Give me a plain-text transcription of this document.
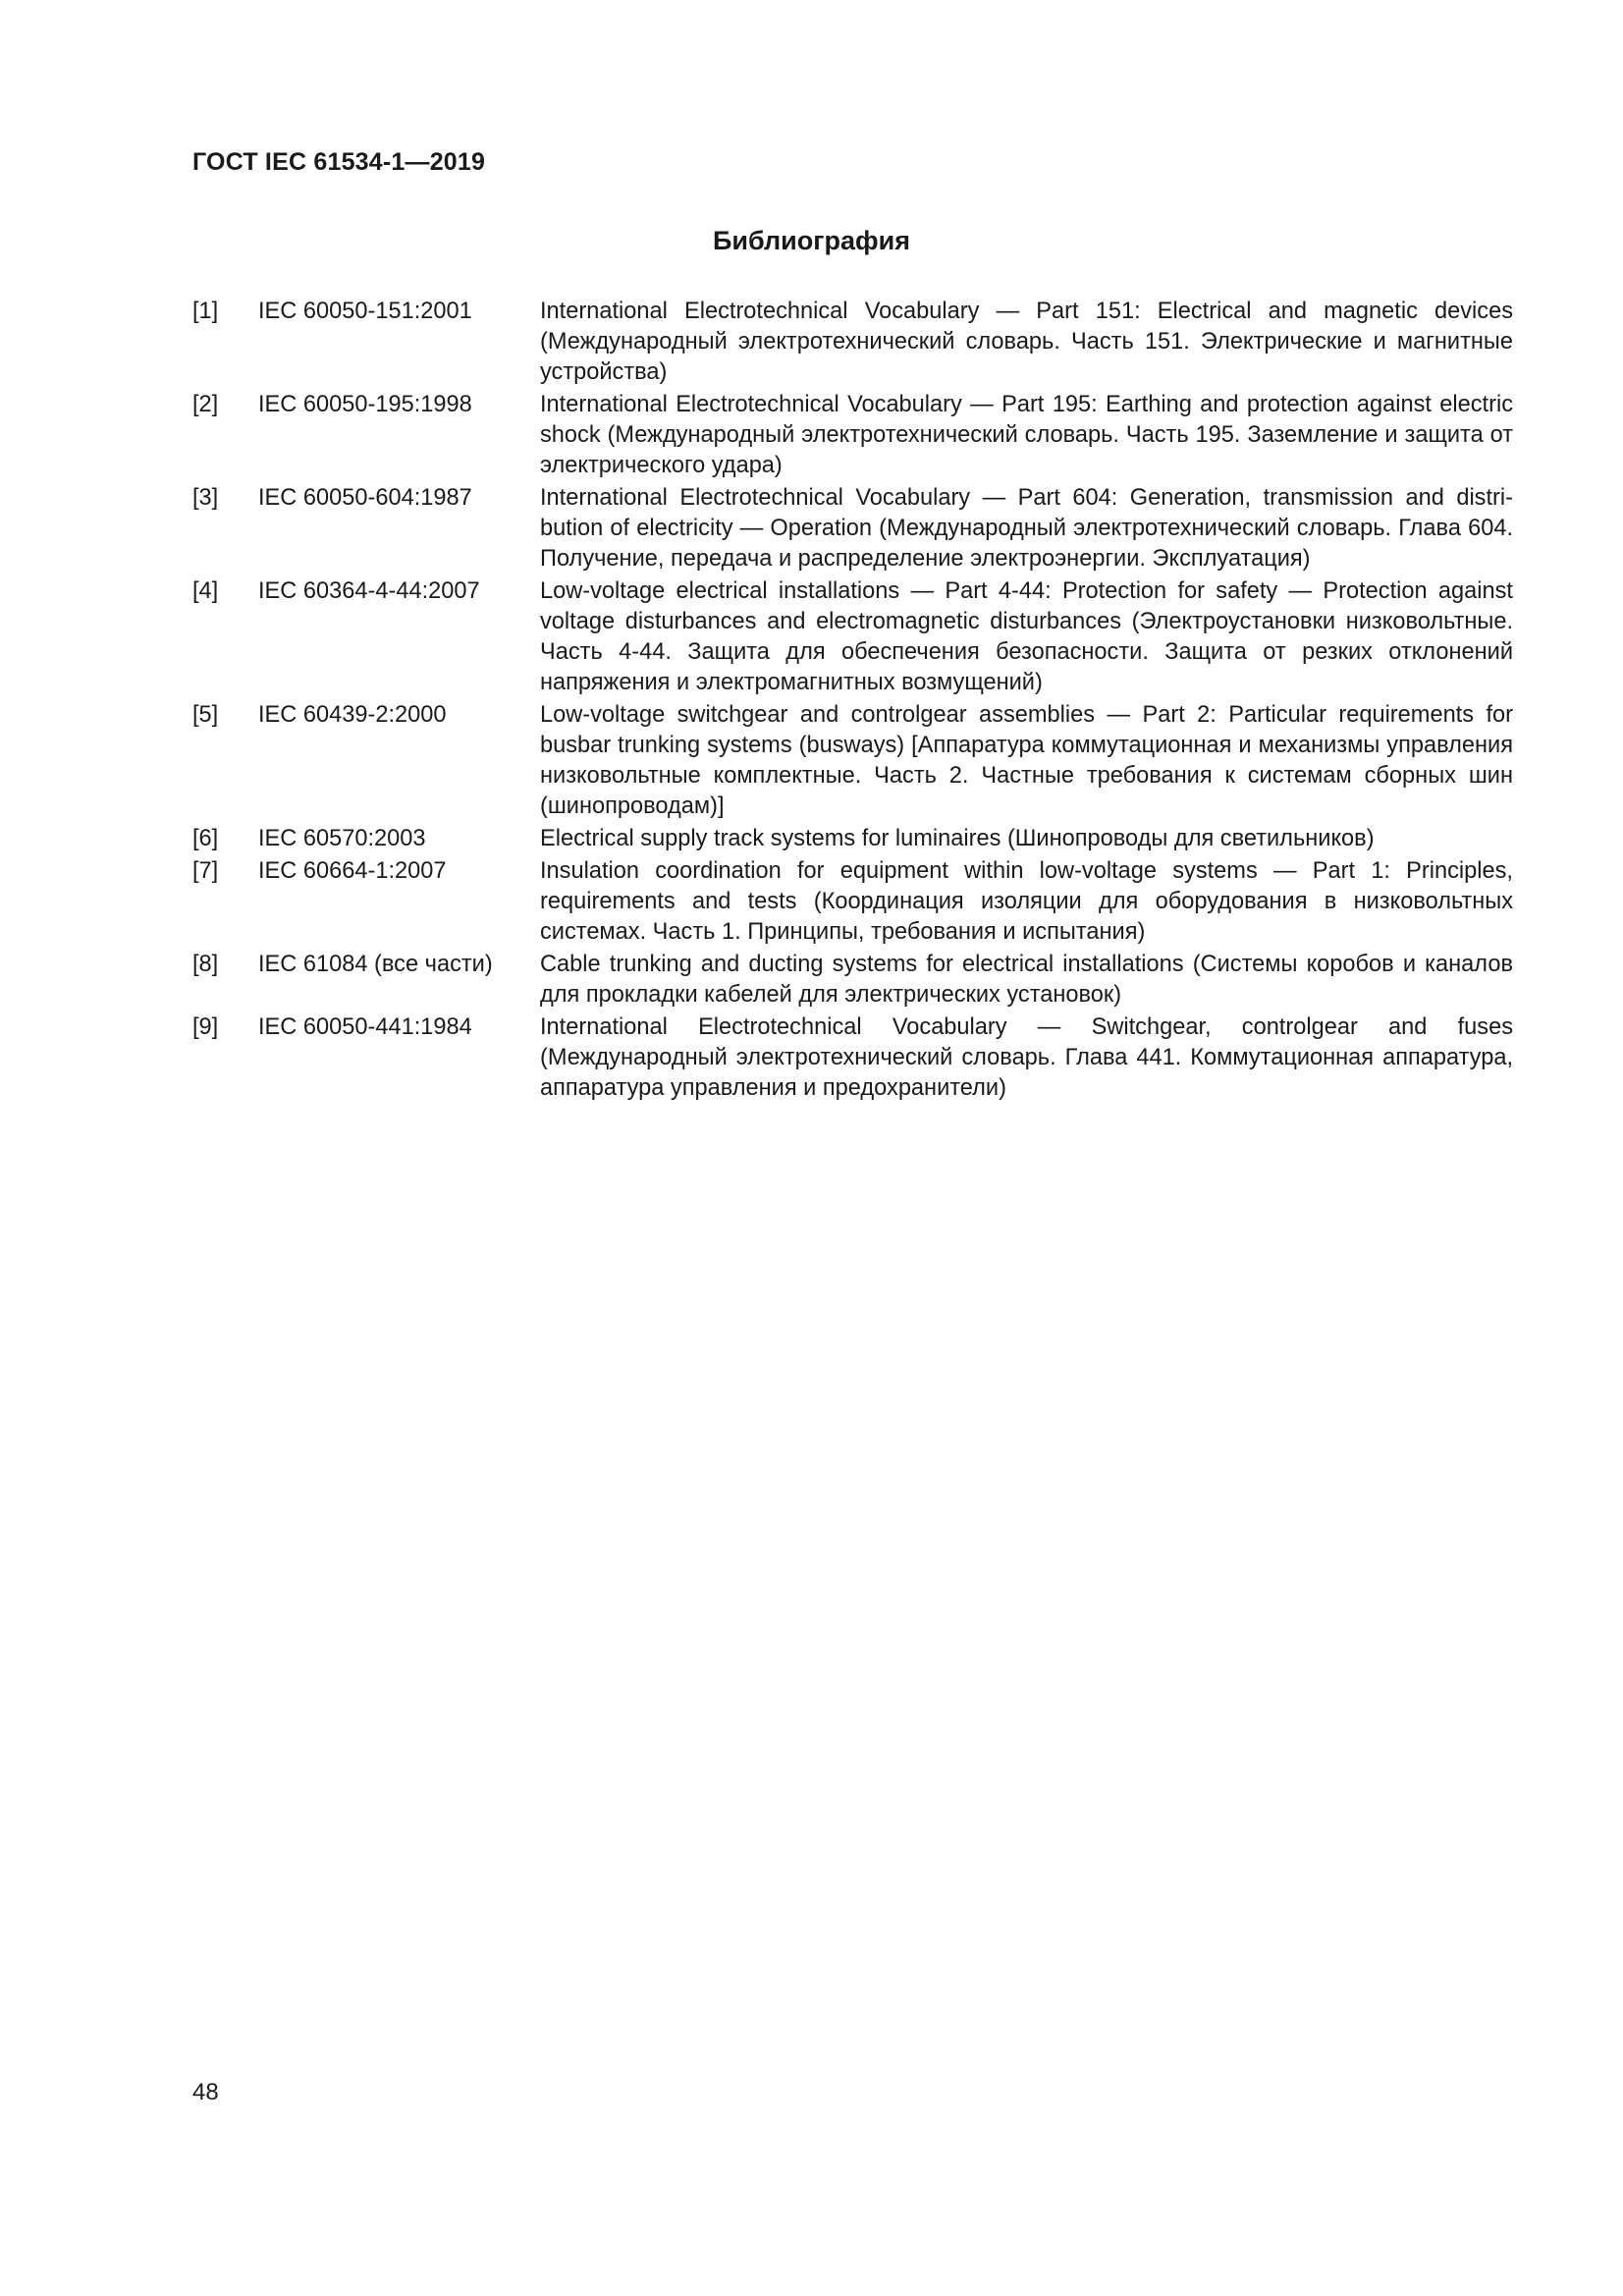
ГОСТ IEC 61534-1—2019
Библиография
[1]	IEC 60050-151:2001	International Electrotechnical Vocabulary — Part 151: Electrical and magnetic devices (Международный электротехнический словарь. Часть 151. Электрические и магнитные устройства)
[2]	IEC 60050-195:1998	International Electrotechnical Vocabulary — Part 195: Earthing and protection against electric shock (Международный электротехнический словарь. Часть 195. Заземление и защита от электрического удара)
[3]	IEC 60050-604:1987	International Electrotechnical Vocabulary — Part 604: Generation, transmission and distribution of electricity — Operation (Международный электротехнический словарь. Глава 604. Получение, передача и распределение электроэнергии. Эксплуатация)
[4]	IEC 60364-4-44:2007	Low-voltage electrical installations — Part 4-44: Protection for safety — Protection against voltage disturbances and electromagnetic disturbances (Электроустановки низковольтные. Часть 4-44. Защита для обеспечения безопасности. Защита от резких отклонений напряжения и электромагнитных возмущений)
[5]	IEC 60439-2:2000	Low-voltage switchgear and controlgear assemblies — Part 2: Particular requirements for busbar trunking systems (busways) [Аппаратура коммутационная и механизмы управления низковольтные комплектные. Часть 2. Частные требования к системам сборных шин (шинопроводам)]
[6]	IEC 60570:2003	Electrical supply track systems for luminaires (Шинопроводы для светильников)
[7]	IEC 60664-1:2007	Insulation coordination for equipment within low-voltage systems — Part 1: Principles, requirements and tests (Координация изоляции для оборудования в низковольтных системах. Часть 1. Принципы, требования и испытания)
[8]	IEC 61084 (все части)	Cable trunking and ducting systems for electrical installations (Системы коробов и каналов для прокладки кабелей для электрических установок)
[9]	IEC 60050-441:1984	International Electrotechnical Vocabulary — Switchgear, controlgear and fuses (Международный электротехнический словарь. Глава 441. Коммутационная аппаратура, аппаратура управления и предохранители)
48
